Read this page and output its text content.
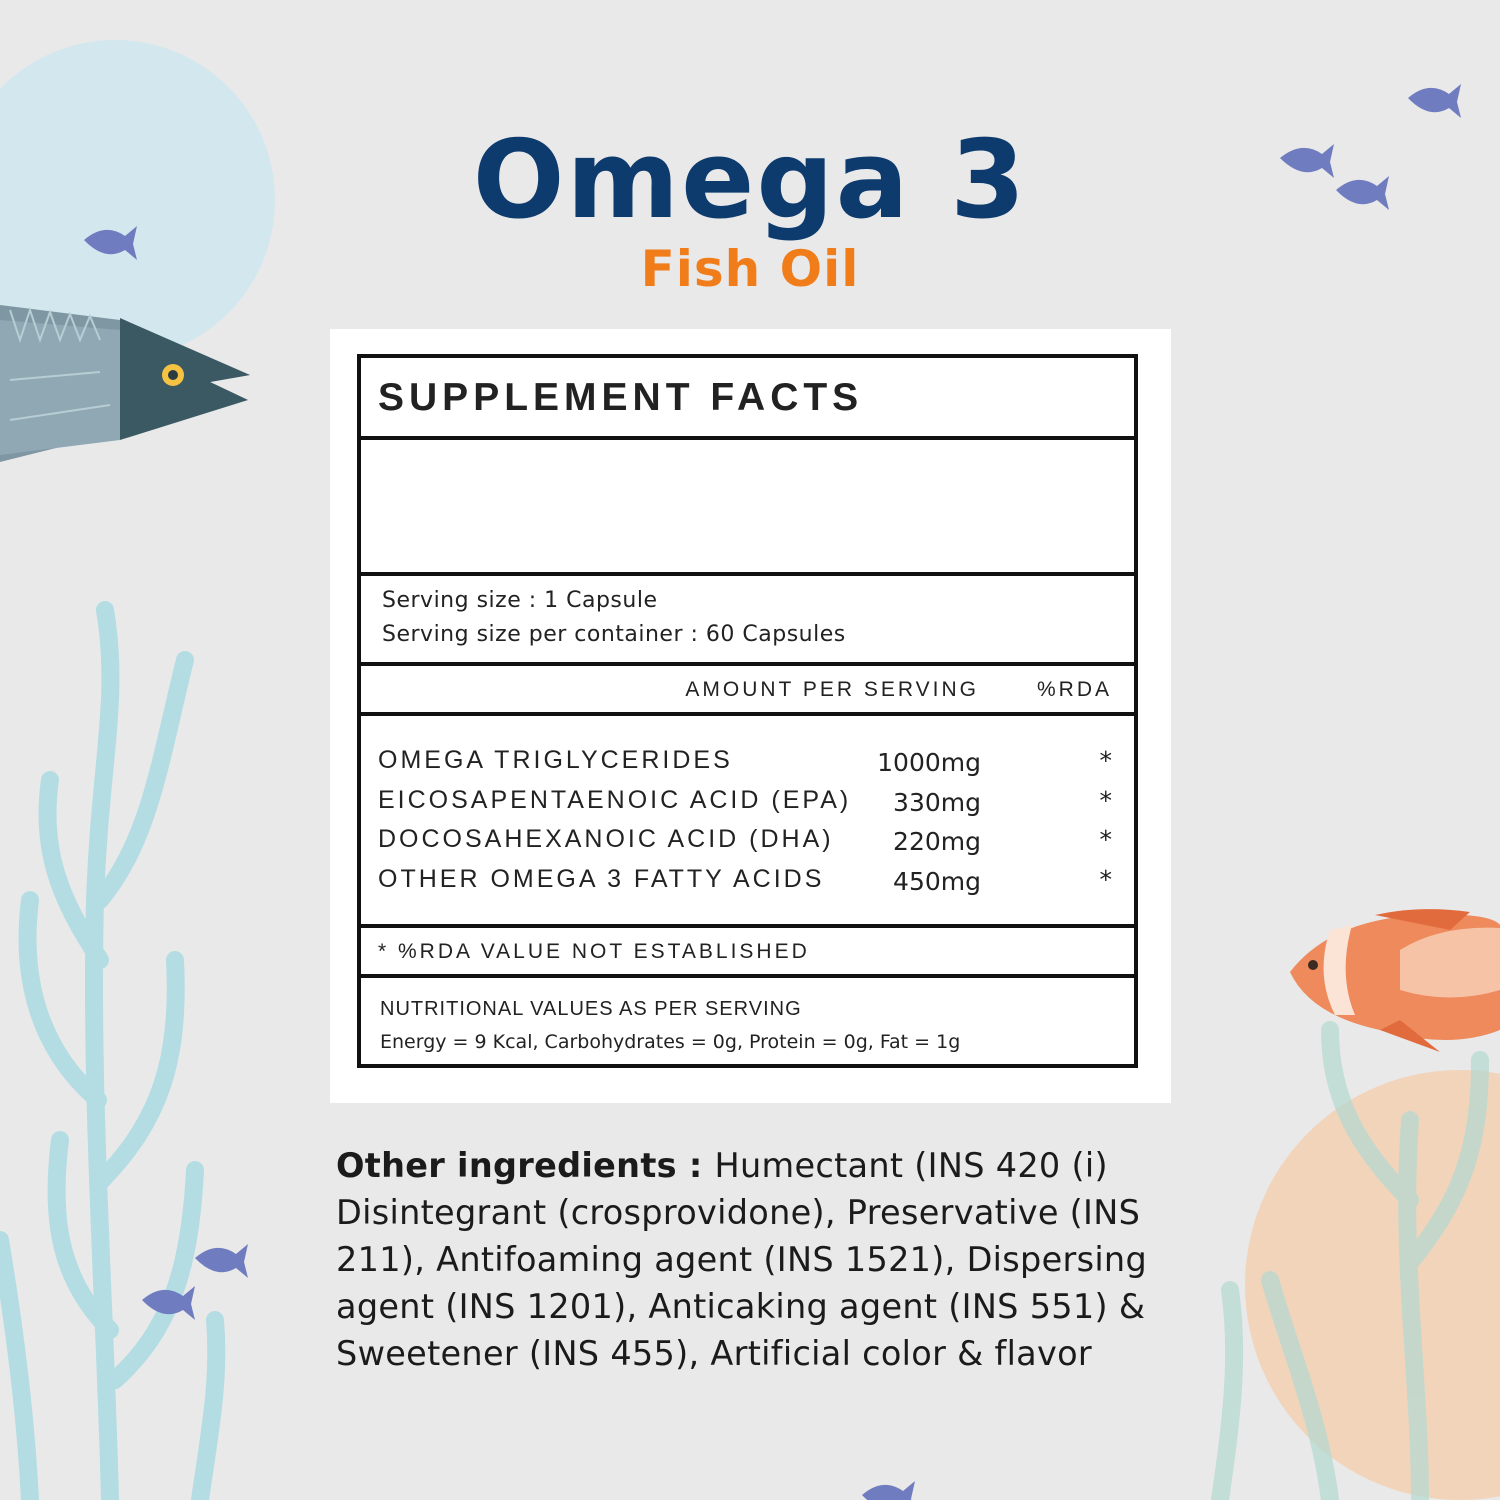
Omega 3
Fish Oil
SUPPLEMENT FACTS
Serving size : 1 Capsule
Serving size per container : 60 Capsules
AMOUNT PER SERVING	%RDA
OMEGA TRIGLYCERIDES	1000mg	*
EICOSAPENTAENOIC ACID (EPA) 330mg	*
DOCOSAHEXANOIC ACID (DHA) 220mg	*
OTHER OMEGA 3 FATTY ACIDS	450mg	*
* %RDA VALUE NOT ESTABLISHED
NUTRITIONAL VALUES AS PER SERVING
Energy = 9 Kcal, Carbohydrates = 0g, Protein = 0g, Fat = 1g
Other ingredients : Humectant (INS 420 (i) Disintegrant (crosprovidone), Preservative (INS 211), Antifoaming agent (INS 1521), Dispersing agent (INS 1201), Anticaking agent (INS 551) & Sweetener (INS 455), Artificial color & flavor
